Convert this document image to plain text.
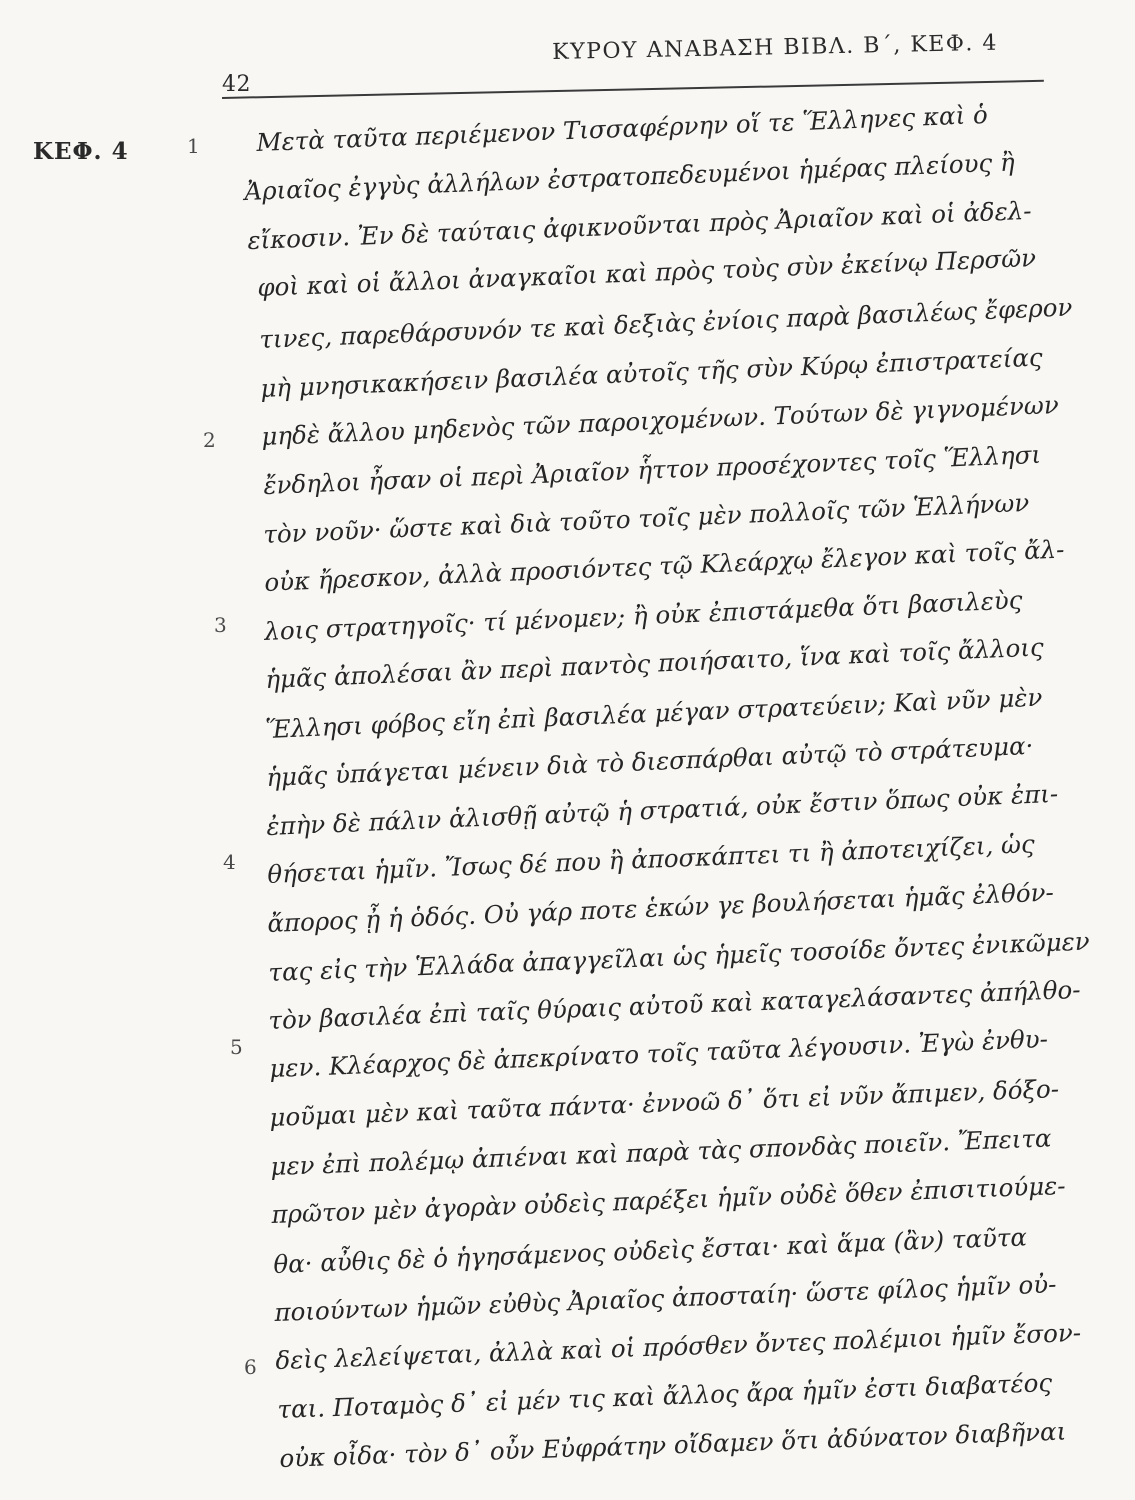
42
ΚΥΡΟΥ ΑΝΑΒΑΣΗ ΒΙΒΛ. Β΄, ΚΕΦ. 4
ΚΕΦ. 4	1
2
3
4
5
6
Μετὰ ταῦτα περιέμενον Τισσαφέρνην οἵ τε Ἕλληνες καὶ ὁ
Ἀριαῖος ἐγγὺς ἀλλήλων ἐστρατοπεδευμένοι ἡμέρας πλείους ἢ
εἴκοσιν. Ἐν δὲ ταύταις ἀφικνοῦνται πρὸς Ἀριαῖον καὶ οἱ ἀδελ-
φοὶ καὶ οἱ ἄλλοι ἀναγκαῖοι καὶ πρὸς τοὺς σὺν ἐκείνῳ Περσῶν
τινες, παρεθάρσυνόν τε καὶ δεξιὰς ἐνίοις παρὰ βασιλέως ἔφερον
μὴ μνησικακήσειν βασιλέα αὐτοῖς τῆς σὺν Κύρῳ ἐπιστρατείας
μηδὲ ἄλλου μηδενὸς τῶν παροιχομένων. Τούτων δὲ γιγνομένων
ἔνδηλοι ἦσαν οἱ περὶ Ἀριαῖον ἧττον προσέχοντες τοῖς Ἕλλησι
τὸν νοῦν· ὥστε καὶ διὰ τοῦτο τοῖς μὲν πολλοῖς τῶν Ἑλλήνων
οὐκ ἤρεσκον, ἀλλὰ προσιόντες τῷ Κλεάρχῳ ἔλεγον καὶ τοῖς ἄλ-
λοις στρατηγοῖς· τί μένομεν; ἢ οὐκ ἐπιστάμεθα ὅτι βασιλεὺς
ἡμᾶς ἀπολέσαι ἂν περὶ παντὸς ποιήσαιτο, ἵνα καὶ τοῖς ἄλλοις
Ἕλλησι φόβος εἴη ἐπὶ βασιλέα μέγαν στρατεύειν; Καὶ νῦν μὲν
ἡμᾶς ὑπάγεται μένειν διὰ τὸ διεσπάρθαι αὐτῷ τὸ στράτευμα·
ἐπὴν δὲ πάλιν ἁλισθῇ αὐτῷ ἡ στρατιά, οὐκ ἔστιν ὅπως οὐκ ἐπι-
θήσεται ἡμῖν. Ἴσως δέ που ἢ ἀποσκάπτει τι ἢ ἀποτειχίζει, ὡς
ἄπορος ᾖ ἡ ὁδός. Οὐ γάρ ποτε ἑκών γε βουλήσεται ἡμᾶς ἐλθόν-
τας εἰς τὴν Ἑλλάδα ἀπαγγεῖλαι ὡς ἡμεῖς τοσοίδε ὄντες ἐνικῶμεν
τὸν βασιλέα ἐπὶ ταῖς θύραις αὐτοῦ καὶ καταγελάσαντες ἀπήλθο-
μεν. Κλέαρχος δὲ ἀπεκρίνατο τοῖς ταῦτα λέγουσιν. Ἐγὼ ἐνθυ-
μοῦμαι μὲν καὶ ταῦτα πάντα· ἐννοῶ δ᾽ ὅτι εἰ νῦν ἄπιμεν, δόξο-
μεν ἐπὶ πολέμῳ ἀπιέναι καὶ παρὰ τὰς σπονδὰς ποιεῖν. Ἔπειτα
πρῶτον μὲν ἀγορὰν οὐδεὶς παρέξει ἡμῖν οὐδὲ ὅθεν ἐπισιτιούμε-
θα· αὖθις δὲ ὁ ἡγησάμενος οὐδεὶς ἔσται· καὶ ἅμα (ἂν) ταῦτα
ποιούντων ἡμῶν εὐθὺς Ἀριαῖος ἀποσταίη· ὥστε φίλος ἡμῖν οὐ-
δεὶς λελείψεται, ἀλλὰ καὶ οἱ πρόσθεν ὄντες πολέμιοι ἡμῖν ἔσον-
ται. Ποταμὸς δ᾽ εἰ μέν τις καὶ ἄλλος ἄρα ἡμῖν ἐστι διαβατέος
οὐκ οἶδα· τὸν δ᾽ οὖν Εὐφράτην οἴδαμεν ὅτι ἀδύνατον διαβῆναι
